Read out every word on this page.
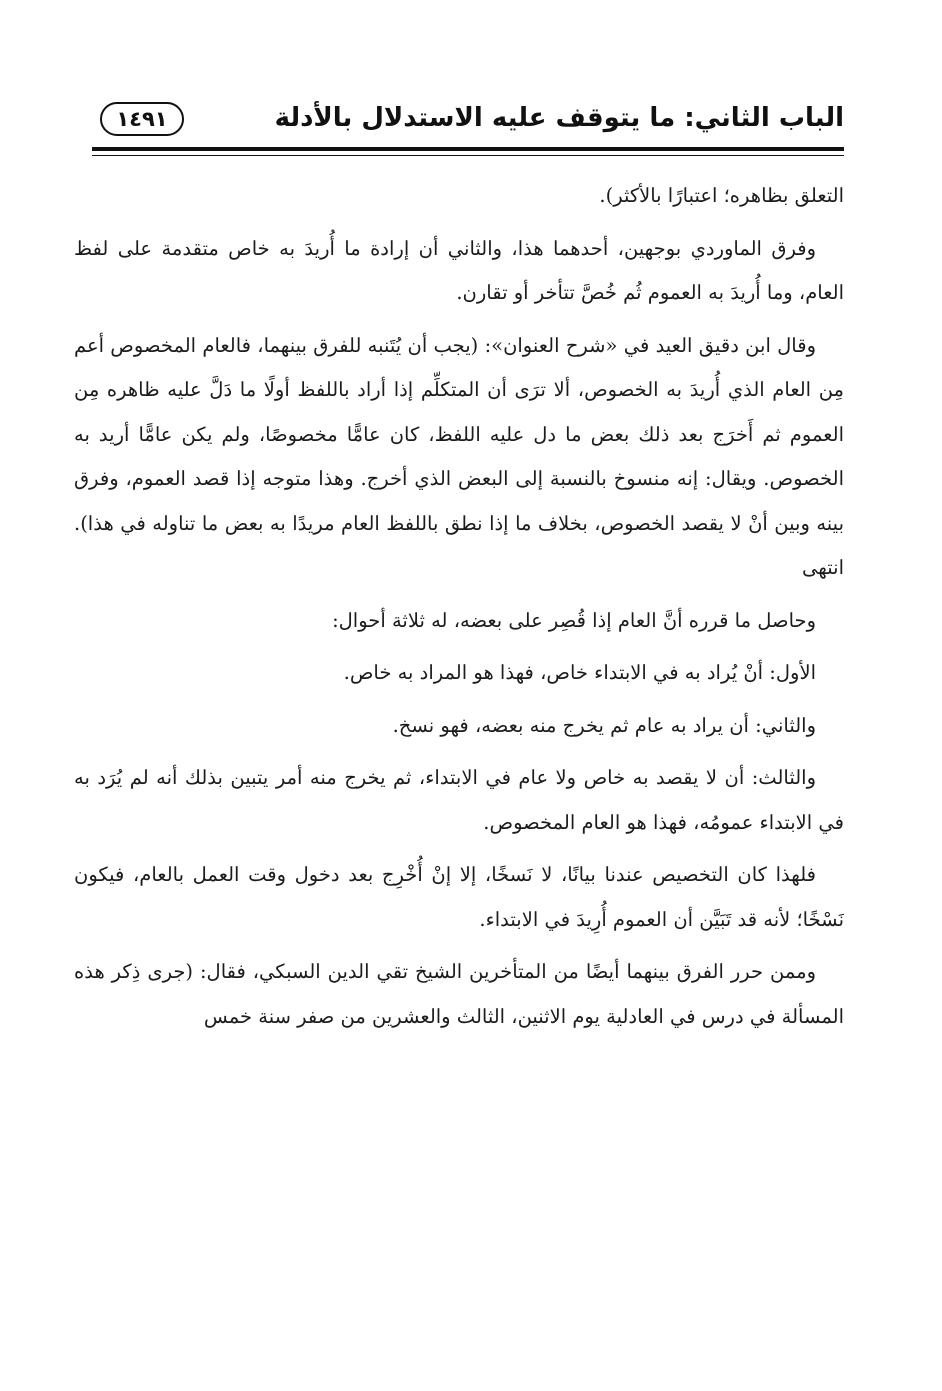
الباب الثاني: ما يتوقف عليه الاستدلال بالأدلة
١٤٩١

التعلق بظاهره؛ اعتبارًا بالأكثر).

وفرق الماوردي بوجهين، أحدهما هذا، والثاني أن إرادة ما أُريدَ به خاص متقدمة على لفظ العام، وما أُريدَ به العموم ثُم خُصَّ تتأخر أو تقارن.

وقال ابن دقيق العيد في «شرح العنوان»: (يجب أن يُتَنبه للفرق بينهما، فالعام المخصوص أعم مِن العام الذي أُريدَ به الخصوص، ألا ترَى أن المتكلِّم إذا أراد باللفظ أولًا ما دَلَّ عليه ظاهره مِن العموم ثم أَخرَج بعد ذلك بعض ما دل عليه اللفظ، كان عامًّا مخصوصًا، ولم يكن عامًّا أريد به الخصوص. ويقال: إنه منسوخ بالنسبة إلى البعض الذي أخرج. وهذا متوجه إذا قصد العموم، وفرق بينه وبين أنْ لا يقصد الخصوص، بخلاف ما إذا نطق باللفظ العام مريدًا به بعض ما تناوله في هذا). انتهى

وحاصل ما قرره أنَّ العام إذا قُصِر على بعضه، له ثلاثة أحوال:

الأول: أنْ يُراد به في الابتداء خاص، فهذا هو المراد به خاص.

والثاني: أن يراد به عام ثم يخرج منه بعضه، فهو نسخ.

والثالث: أن لا يقصد به خاص ولا عام في الابتداء، ثم يخرج منه أمر يتبين بذلك أنه لم يُرَد به في الابتداء عمومُه، فهذا هو العام المخصوص.

فلهذا كان التخصيص عندنا بيانًا، لا نَسخًا، إلا إنْ أُخْرِج بعد دخول وقت العمل بالعام، فيكون نَسْخًا؛ لأنه قد تَبَيَّن أن العموم أُرِيدَ في الابتداء.

وممن حرر الفرق بينهما أيضًا من المتأخرين الشيخ تقي الدين السبكي، فقال: (جرى ذِكر هذه المسألة في درس في العادلية يوم الاثنين، الثالث والعشرين من صفر سنة خمس
